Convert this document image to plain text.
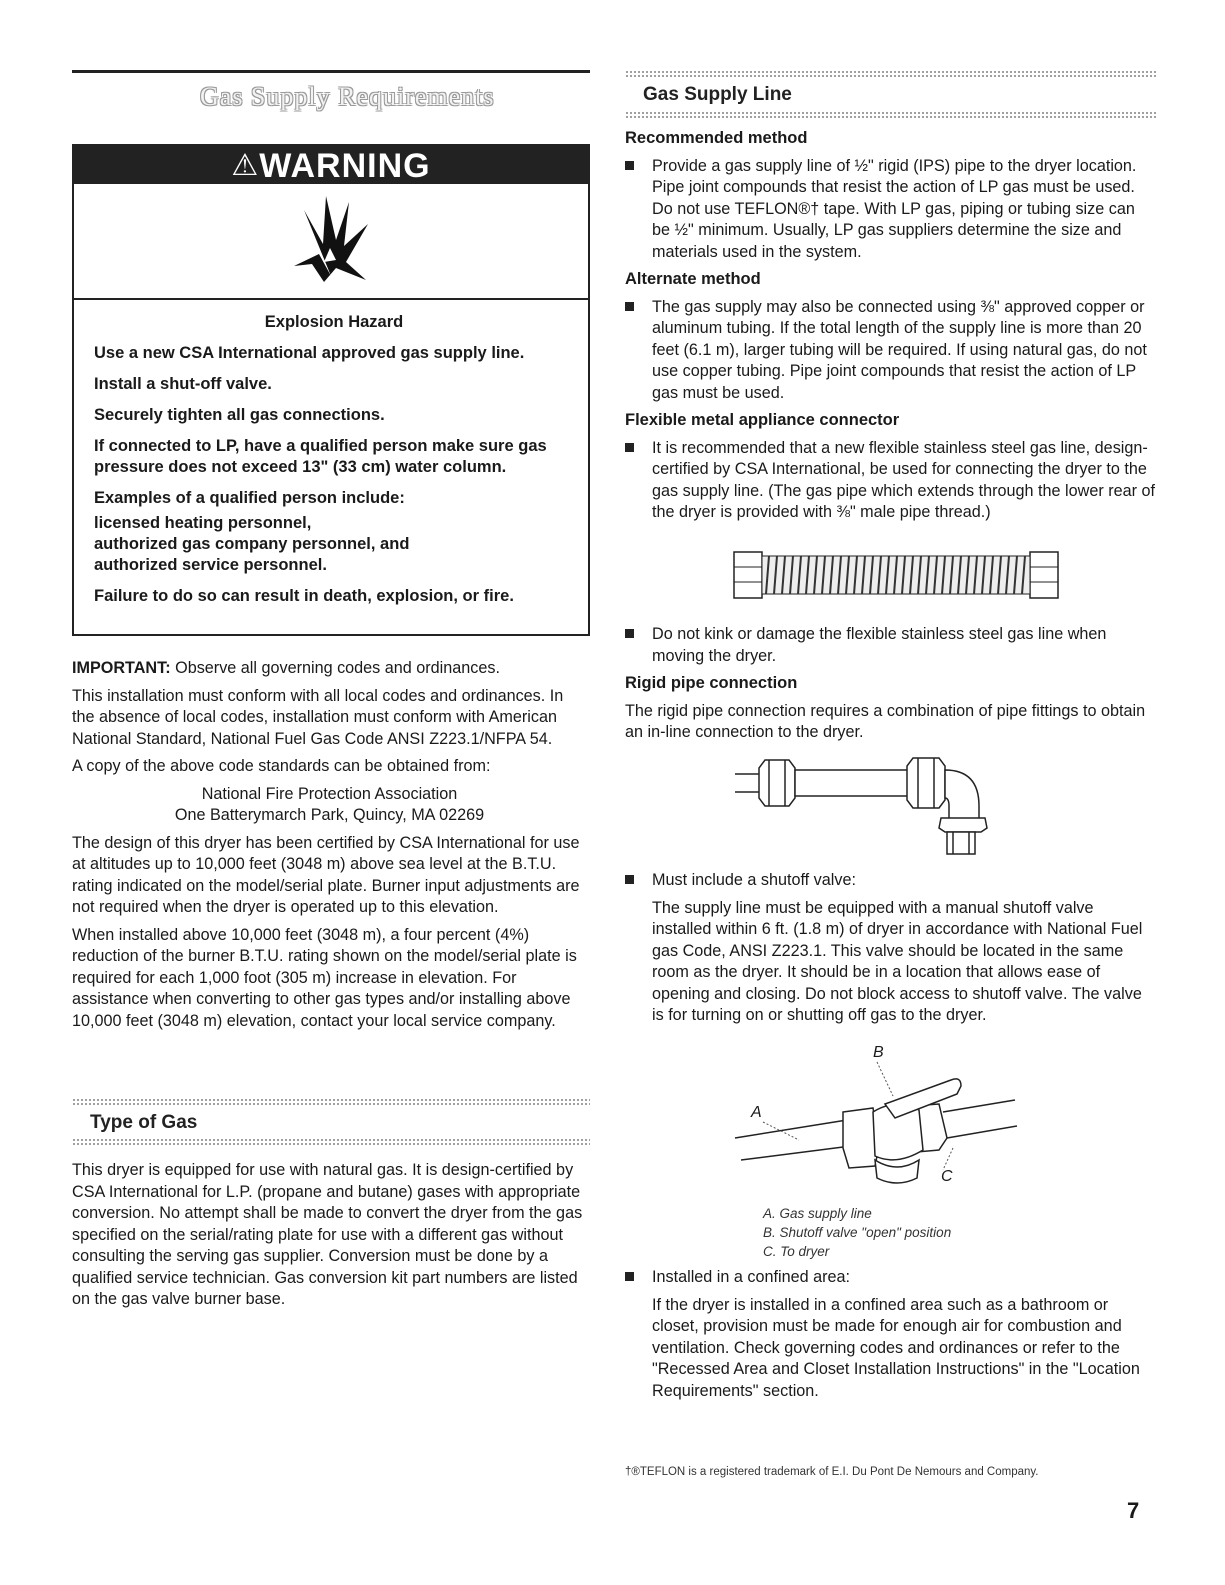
Gas Supply Requirements
⚠WARNING

Explosion Hazard

Use a new CSA International approved gas supply line.

Install a shut-off valve.

Securely tighten all gas connections.

If connected to LP, have a qualified person make sure gas pressure does not exceed 13" (33 cm) water column.

Examples of a qualified person include:

licensed heating personnel,
authorized gas company personnel, and
authorized service personnel.

Failure to do so can result in death, explosion, or fire.

IMPORTANT: Observe all governing codes and ordinances.

This installation must conform with all local codes and ordinances. In the absence of local codes, installation must conform with American National Standard, National Fuel Gas Code ANSI Z223.1/NFPA 54.

A copy of the above code standards can be obtained from:

National Fire Protection Association
One Batterymarch Park, Quincy, MA 02269

The design of this dryer has been certified by CSA International for use at altitudes up to 10,000 feet (3048 m) above sea level at the B.T.U. rating indicated on the model/serial plate. Burner input adjustments are not required when the dryer is operated up to this elevation.

When installed above 10,000 feet (3048 m), a four percent (4%) reduction of the burner B.T.U. rating shown on the model/serial plate is required for each 1,000 foot (305 m) increase in elevation. For assistance when converting to other gas types and/or installing above 10,000 feet (3048 m) elevation, contact your local service company.

Type of Gas

This dryer is equipped for use with natural gas. It is design-certified by CSA International for L.P. (propane and butane) gases with appropriate conversion. No attempt shall be made to convert the dryer from the gas specified on the serial/rating plate for use with a different gas without consulting the serving gas supplier. Conversion must be done by a qualified service technician. Gas conversion kit part numbers are listed on the gas valve burner base.

Gas Supply Line

Recommended method

Provide a gas supply line of ½" rigid (IPS) pipe to the dryer location. Pipe joint compounds that resist the action of LP gas must be used. Do not use TEFLON®† tape. With LP gas, piping or tubing size can be ½" minimum. Usually, LP gas suppliers determine the size and materials used in the system.

Alternate method

The gas supply may also be connected using ⅜" approved copper or aluminum tubing. If the total length of the supply line is more than 20 feet (6.1 m), larger tubing will be required. If using natural gas, do not use copper tubing. Pipe joint compounds that resist the action of LP gas must be used.

Flexible metal appliance connector

It is recommended that a new flexible stainless steel gas line, design-certified by CSA International, be used for connecting the dryer to the gas supply line. (The gas pipe which extends through the lower rear of the dryer is provided with ⅜" male pipe thread.)

Do not kink or damage the flexible stainless steel gas line when moving the dryer.

Rigid pipe connection

The rigid pipe connection requires a combination of pipe fittings to obtain an in-line connection to the dryer.

Must include a shutoff valve:

The supply line must be equipped with a manual shutoff valve installed within 6 ft. (1.8 m) of dryer in accordance with National Fuel gas Code, ANSI Z223.1. This valve should be located in the same room as the dryer. It should be in a location that allows ease of opening and closing. Do not block access to shutoff valve. The valve is for turning on or shutting off gas to the dryer.

B
A
C

A. Gas supply line
B. Shutoff valve "open" position
C. To dryer

Installed in a confined area:

If the dryer is installed in a confined area such as a bathroom or closet, provision must be made for enough air for combustion and ventilation. Check governing codes and ordinances or refer to the "Recessed Area and Closet Installation Instructions" in the "Location Requirements" section.

†®TEFLON is a registered trademark of E.I. Du Pont De Nemours and Company.
7
